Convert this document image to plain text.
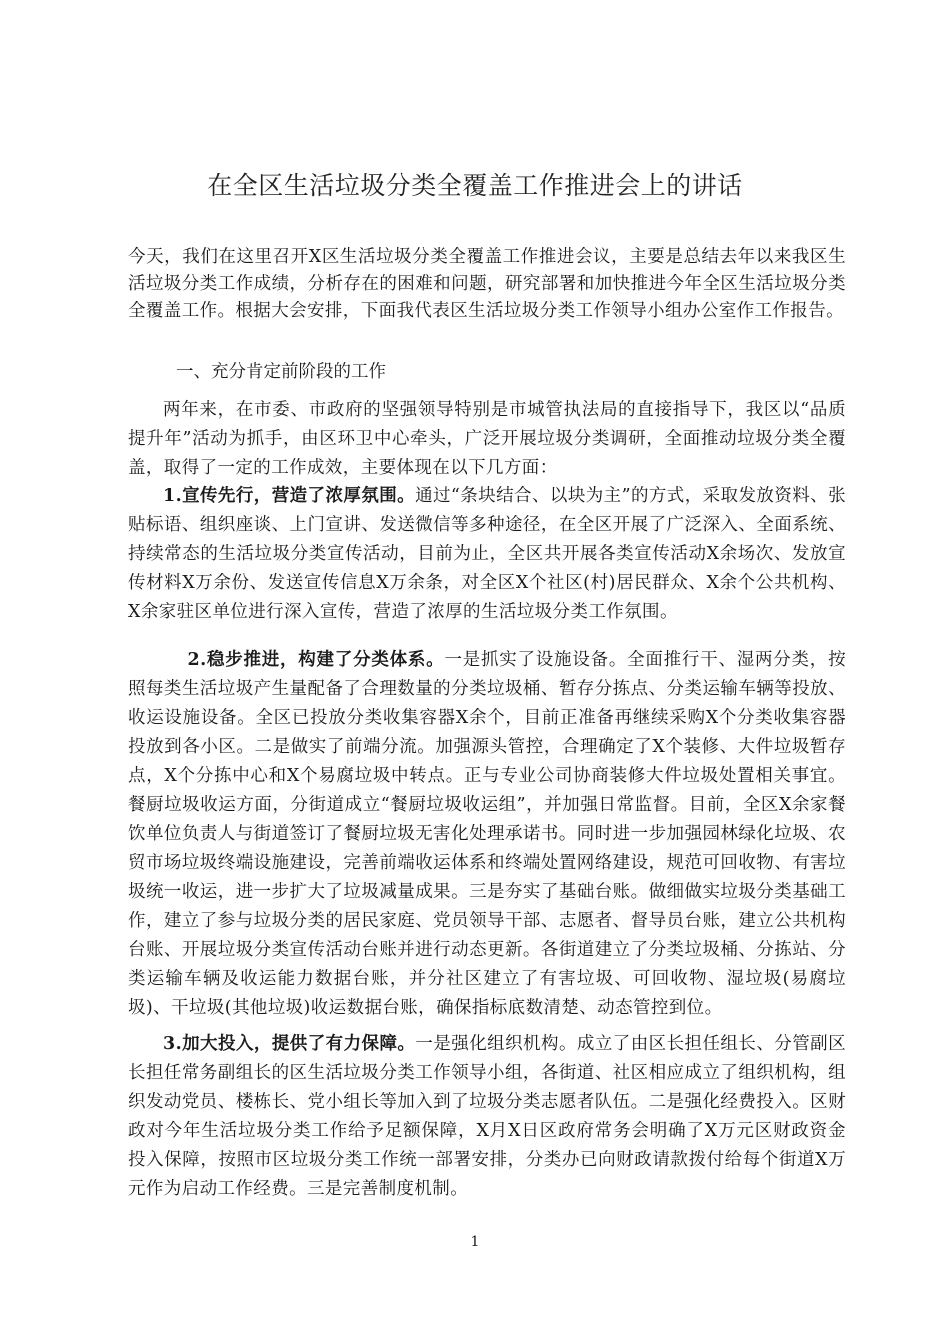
在全区生活垃圾分类全覆盖工作推进会上的讲话

今天，我们在这里召开X区生活垃圾分类全覆盖工作推进会议，主要是总结去年以来我区生活垃圾分类工作成绩，分析存在的困难和问题，研究部署和加快推进今年全区生活垃圾分类全覆盖工作。根据大会安排，下面我代表区生活垃圾分类工作领导小组办公室作工作报告。

一、充分肯定前阶段的工作

两年来，在市委、市政府的坚强领导特别是市城管执法局的直接指导下，我区以“品质提升年”活动为抓手，由区环卫中心牵头，广泛开展垃圾分类调研，全面推动垃圾分类全覆盖，取得了一定的工作成效，主要体现在以下几方面：

1.宣传先行，营造了浓厚氛围。通过“条块结合、以块为主”的方式，采取发放资料、张贴标语、组织座谈、上门宣讲、发送微信等多种途径，在全区开展了广泛深入、全面系统、持续常态的生活垃圾分类宣传活动，目前为止，全区共开展各类宣传活动X余场次、发放宣传材料X万余份、发送宣传信息X万余条，对全区X个社区(村)居民群众、X余个公共机构、X余家驻区单位进行深入宣传，营造了浓厚的生活垃圾分类工作氛围。

2.稳步推进，构建了分类体系。一是抓实了设施设备。全面推行干、湿两分类，按照每类生活垃圾产生量配备了合理数量的分类垃圾桶、暂存分拣点、分类运输车辆等投放、收运设施设备。全区已投放分类收集容器X余个，目前正准备再继续采购X个分类收集容器投放到各小区。二是做实了前端分流。加强源头管控，合理确定了X个装修、大件垃圾暂存点，X个分拣中心和X个易腐垃圾中转点。正与专业公司协商装修大件垃圾处置相关事宜。餐厨垃圾收运方面，分街道成立“餐厨垃圾收运组”，并加强日常监督。目前，全区X余家餐饮单位负责人与街道签订了餐厨垃圾无害化处理承诺书。同时进一步加强园林绿化垃圾、农贸市场垃圾终端设施建设，完善前端收运体系和终端处置网络建设，规范可回收物、有害垃圾统一收运，进一步扩大了垃圾减量成果。三是夯实了基础台账。做细做实垃圾分类基础工作，建立了参与垃圾分类的居民家庭、党员领导干部、志愿者、督导员台账，建立公共机构台账、开展垃圾分类宣传活动台账并进行动态更新。各街道建立了分类垃圾桶、分拣站、分类运输车辆及收运能力数据台账，并分社区建立了有害垃圾、可回收物、湿垃圾(易腐垃圾)、干垃圾(其他垃圾)收运数据台账，确保指标底数清楚、动态管控到位。

3.加大投入，提供了有力保障。一是强化组织机构。成立了由区长担任组长、分管副区长担任常务副组长的区生活垃圾分类工作领导小组，各街道、社区相应成立了组织机构，组织发动党员、楼栋长、党小组长等加入到了垃圾分类志愿者队伍。二是强化经费投入。区财政对今年生活垃圾分类工作给予足额保障，X月X日区政府常务会明确了X万元区财政资金投入保障，按照市区垃圾分类工作统一部署安排，分类办已向财政请款拨付给每个街道X万元作为启动工作经费。三是完善制度机制。

1
